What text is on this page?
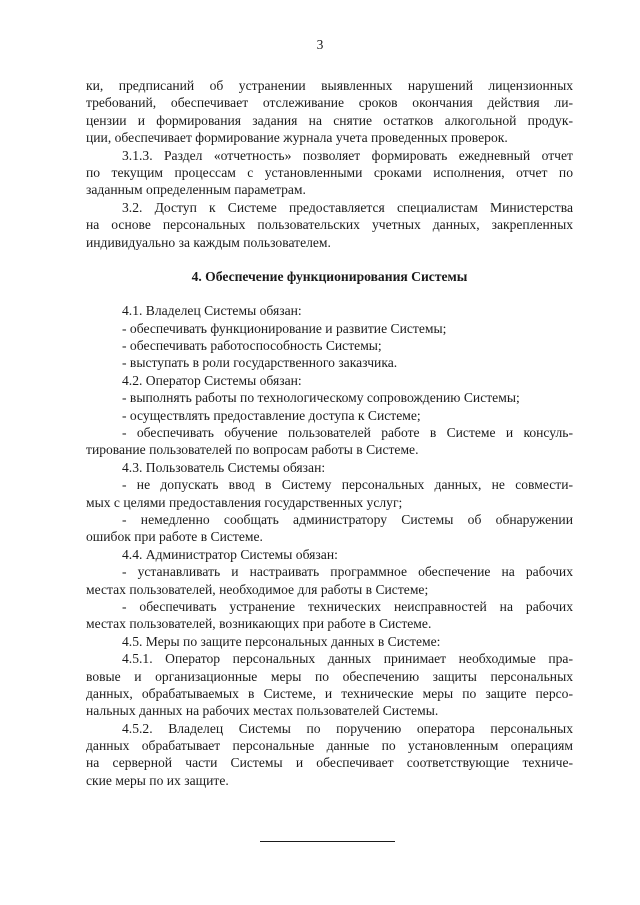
3
ки, предписаний об устранении выявленных нарушений лицензионных
требований, обеспечивает отслеживание сроков окончания действия ли-
цензии и формирования задания на снятие остатков алкогольной продук-
ции, обеспечивает формирование журнала учета проведенных проверок.
3.1.3. Раздел «отчетность» позволяет формировать ежедневный отчет
по текущим процессам с установленными сроками исполнения, отчет по
заданным определенным параметрам.
3.2. Доступ к Системе предоставляется специалистам Министерства
на основе персональных пользовательских учетных данных, закрепленных
индивидуально за каждым пользователем.
4. Обеспечение функционирования Системы
4.1. Владелец Системы обязан:
- обеспечивать функционирование и развитие Системы;
- обеспечивать работоспособность Системы;
- выступать в роли государственного заказчика.
4.2. Оператор Системы обязан:
- выполнять работы по технологическому сопровождению Системы;
- осуществлять предоставление доступа к Системе;
- обеспечивать обучение пользователей работе в Системе и консуль-
тирование пользователей по вопросам работы в Системе.
4.3. Пользователь Системы обязан:
- не допускать ввод в Систему персональных данных, не совмести-
мых с целями предоставления государственных услуг;
- немедленно сообщать администратору Системы об обнаружении
ошибок при работе в Системе.
4.4. Администратор Системы обязан:
- устанавливать и настраивать программное обеспечение на рабочих
местах пользователей, необходимое для работы в Системе;
- обеспечивать устранение технических неисправностей на рабочих
местах пользователей, возникающих при работе в Системе.
4.5. Меры по защите персональных данных в Системе:
4.5.1. Оператор персональных данных принимает необходимые пра-
вовые и организационные меры по обеспечению защиты персональных
данных, обрабатываемых в Системе, и технические меры по защите персо-
нальных данных на рабочих местах пользователей Системы.
4.5.2. Владелец Системы по поручению оператора персональных
данных обрабатывает персональные данные по установленным операциям
на серверной части Системы и обеспечивает соответствующие техниче-
ские меры по их защите.
